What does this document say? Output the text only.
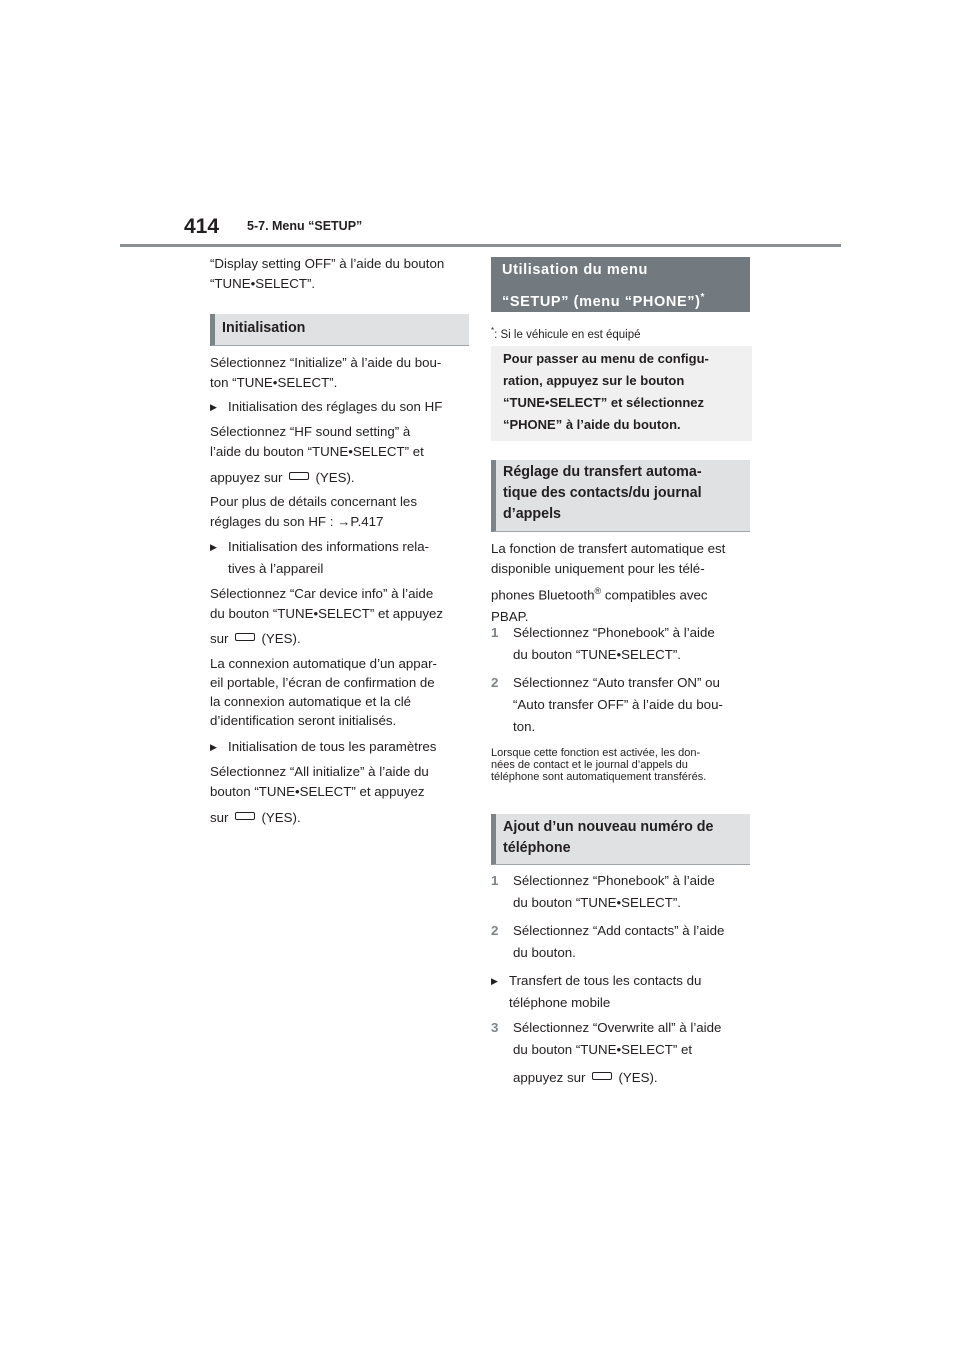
414 5-7. Menu “SETUP”

“Display setting OFF” à l’aide du bouton
“TUNE•SELECT”.

Initialisation

Sélectionnez “Initialize” à l’aide du bou-
ton “TUNE•SELECT”.

▶ Initialisation des réglages du son HF

Sélectionnez “HF sound setting” à
l’aide du bouton “TUNE•SELECT” et

appuyez sur (YES).

Pour plus de détails concernant les
réglages du son HF : →P.417

▶ Initialisation des informations rela-
tives à l’appareil

Sélectionnez “Car device info” à l’aide
du bouton “TUNE•SELECT” et appuyez

sur (YES).

La connexion automatique d’un appar-
eil portable, l’écran de confirmation de
la connexion automatique et la clé
d’identification seront initialisés.

▶ Initialisation de tous les paramètres

Sélectionnez “All initialize” à l’aide du
bouton “TUNE•SELECT” et appuyez

sur (YES).

Utilisation du menu
“SETUP” (menu “PHONE”)*
*: Si le véhicule en est équipé
Pour passer au menu de configu-
ration, appuyez sur le bouton
“TUNE•SELECT” et sélectionnez
“PHONE” à l’aide du bouton.
Réglage du transfert automa-
tique des contacts/du journal
d’appels

La fonction de transfert automatique est
disponible uniquement pour les télé-
phones Bluetooth® compatibles avec
PBAP.

1 Sélectionnez “Phonebook” à l’aide
du bouton “TUNE•SELECT”.
2 Sélectionnez “Auto transfer ON” ou
“Auto transfer OFF” à l’aide du bou-
ton.
Lorsque cette fonction est activée, les don-
nées de contact et le journal d’appels du
téléphone sont automatiquement transférés.
Ajout d’un nouveau numéro de
téléphone
1 Sélectionnez “Phonebook” à l’aide
du bouton “TUNE•SELECT”.
2 Sélectionnez “Add contacts” à l’aide
du bouton.
▶ Transfert de tous les contacts du
téléphone mobile
3 Sélectionnez “Overwrite all” à l’aide
du bouton “TUNE•SELECT” et

appuyez sur (YES).
